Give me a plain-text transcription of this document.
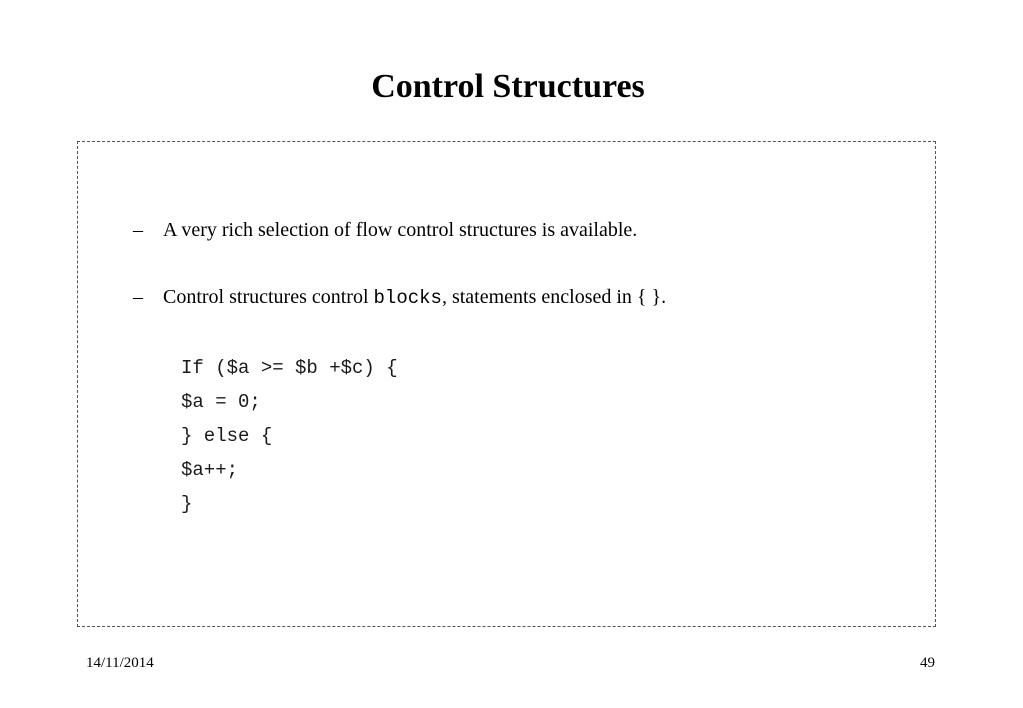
Control Structures
– A very rich selection of flow control structures is available.
– Control structures control blocks, statements enclosed in { }.
If ($a >= $b +$c) {
$a = 0;
} else {
$a++;
}
14/11/2014	49
